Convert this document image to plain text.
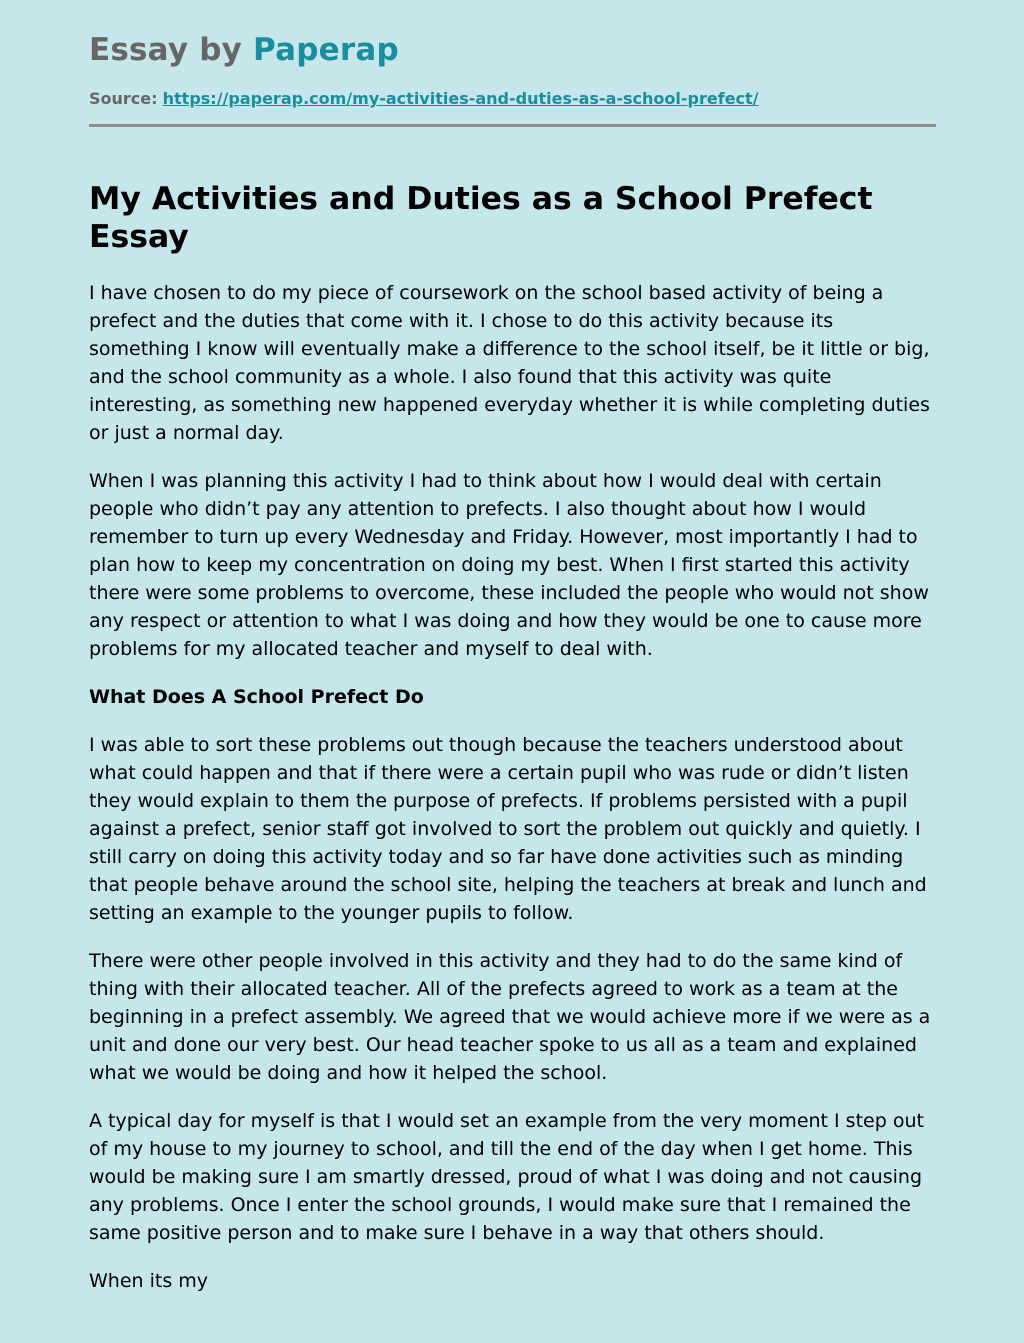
Essay by Paperap
Source: https://paperap.com/my-activities-and-duties-as-a-school-prefect/
My Activities and Duties as a School Prefect Essay

I have chosen to do my piece of coursework on the school based activity of being a prefect and the duties that come with it. I chose to do this activity because its something I know will eventually make a difference to the school itself, be it little or big, and the school community as a whole. I also found that this activity was quite interesting, as something new happened everyday whether it is while completing duties or just a normal day.

When I was planning this activity I had to think about how I would deal with certain people who didn’t pay any attention to prefects. I also thought about how I would remember to turn up every Wednesday and Friday. However, most importantly I had to plan how to keep my concentration on doing my best. When I first started this activity there were some problems to overcome, these included the people who would not show any respect or attention to what I was doing and how they would be one to cause more problems for my allocated teacher and myself to deal with.

What Does A School Prefect Do

I was able to sort these problems out though because the teachers understood about what could happen and that if there were a certain pupil who was rude or didn’t listen they would explain to them the purpose of prefects. If problems persisted with a pupil against a prefect, senior staff got involved to sort the problem out quickly and quietly. I still carry on doing this activity today and so far have done activities such as minding that people behave around the school site, helping the teachers at break and lunch and setting an example to the younger pupils to follow.

There were other people involved in this activity and they had to do the same kind of thing with their allocated teacher. All of the prefects agreed to work as a team at the beginning in a prefect assembly. We agreed that we would achieve more if we were as a unit and done our very best. Our head teacher spoke to us all as a team and explained what we would be doing and how it helped the school.

A typical day for myself is that I would set an example from the very moment I step out of my house to my journey to school, and till the end of the day when I get home. This would be making sure I am smartly dressed, proud of what I was doing and not causing any problems. Once I enter the school grounds, I would make sure that I remained the same positive person and to make sure I behave in a way that others should.

When its my
